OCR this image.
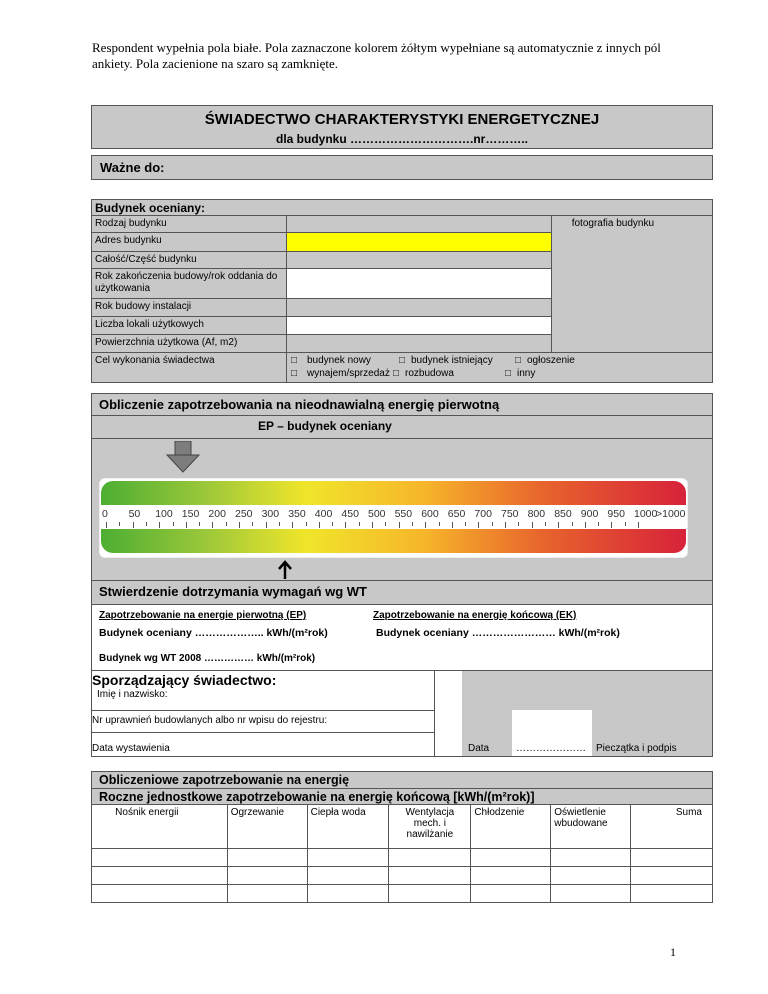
Respondent wypełnia pola białe. Pola zaznaczone kolorem żółtym wypełniane są automatycznie z innych pól ankiety. Pola zacienione na szaro są zamknięte.
ŚWIADECTWO CHARAKTERYSTYKI ENERGETYCZNEJ
dla budynku ………………………….nr………..
Ważne do:
Budynek oceniany:
Rodzaj budynku
Adres budynku
Całość/Część budynku
Rok zakończenia budowy/rok oddania do użytkowania
Rok budowy instalacji
Liczba lokali użytkowych
Powierzchnia użytkowa (Af, m2)
fotografia budynku
Cel wykonania świadectwa	□ budynek nowy	□ budynek istniejący □ ogłoszenie
□ wynajem/sprzedaż □ rozbudowa	□ inny
Obliczenie zapotrzebowania na nieodnawialną energię pierwotną
EP – budynek oceniany
0 50 100 150 200 250 300 350 400 450 500 550 600 650 700 750 800 850 900 950 1000
>1000
Stwierdzenie dotrzymania wymagań wg WT
Zapotrzebowanie na energie pierwotną (EP)	Zapotrzebowanie na energię końcową (EK)
Budynek oceniany ……………….. kWh/(m²rok)	Budynek oceniany …………………… kWh/(m²rok)
Budynek wg WT 2008 …………… kWh/(m²rok)
Sporządzający świadectwo:
Imię i nazwisko:
Nr uprawnień budowlanych albo nr wpisu do rejestru:
Data wystawienia	Data	………………… Pieczątka i podpis
Obliczeniowe zapotrzebowanie na energię
Roczne jednostkowe zapotrzebowanie na energię końcową [kWh/(m²rok)]
Nośnik energii	Ogrzewanie	Ciepła woda	Wentylacja mech. i nawilżanie	Chłodzenie	Oświetlenie wbudowane	Suma

1
